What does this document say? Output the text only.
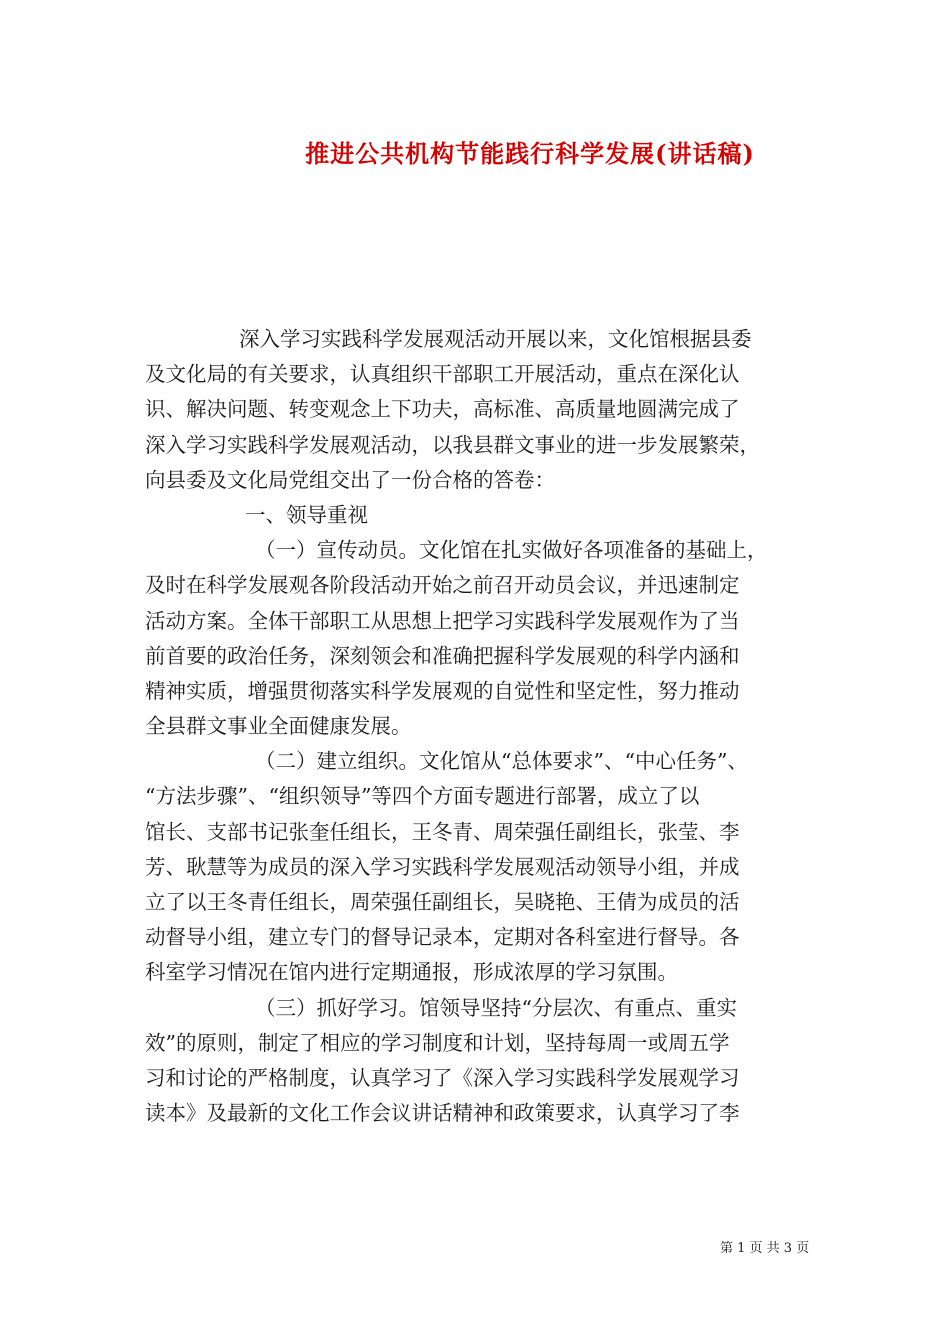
推进公共机构节能践行科学发展(讲话稿)
深入学习实践科学发展观活动开展以来，文化馆根据县委
及文化局的有关要求，认真组织干部职工开展活动，重点在深化认
识、解决问题、转变观念上下功夫，高标准、高质量地圆满完成了
深入学习实践科学发展观活动，以我县群文事业的进一步发展繁荣，
向县委及文化局党组交出了一份合格的答卷：
一、领导重视
（一）宣传动员。文化馆在扎实做好各项准备的基础上，
及时在科学发展观各阶段活动开始之前召开动员会议，并迅速制定
活动方案。全体干部职工从思想上把学习实践科学发展观作为了当
前首要的政治任务，深刻领会和准确把握科学发展观的科学内涵和
精神实质，增强贯彻落实科学发展观的自觉性和坚定性，努力推动
全县群文事业全面健康发展。
（二）建立组织。文化馆从“总体要求”、“中心任务”、
“方法步骤”、“组织领导”等四个方面专题进行部署，成立了以
馆长、支部书记张奎任组长，王冬青、周荣强任副组长，张莹、李
芳、耿慧等为成员的深入学习实践科学发展观活动领导小组，并成
立了以王冬青任组长，周荣强任副组长，吴晓艳、王倩为成员的活
动督导小组，建立专门的督导记录本，定期对各科室进行督导。各
科室学习情况在馆内进行定期通报，形成浓厚的学习氛围。
（三）抓好学习。馆领导坚持“分层次、有重点、重实
效”的原则，制定了相应的学习制度和计划，坚持每周一或周五学
习和讨论的严格制度，认真学习了《深入学习实践科学发展观学习
读本》及最新的文化工作会议讲话精神和政策要求，认真学习了李
第 1 页 共 3 页
